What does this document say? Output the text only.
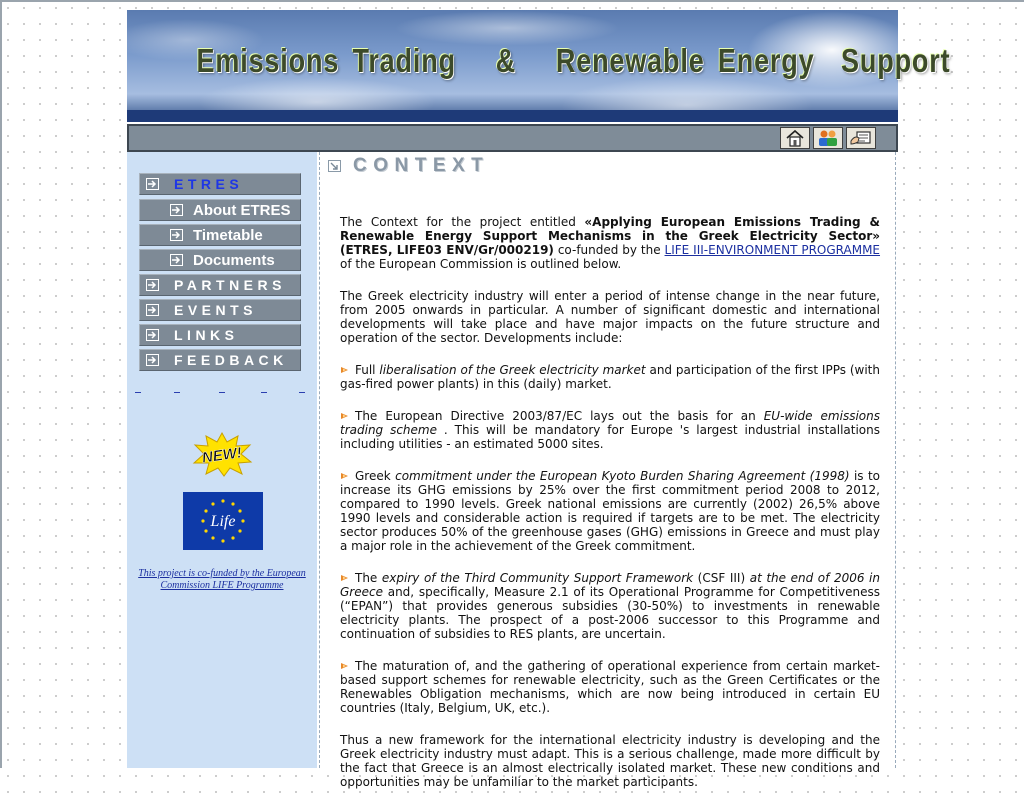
Emissions Trading   &   Renewable Energy  Support
ETRES
About ETRES
Timetable
Documents
PARTNERS
EVENTS
LINKS
FEEDBACK
NEW!
Life
This project is co-funded by the European Commission LIFE Programme
CONTEXT

The Context for the project entitled «Applying European Emissions Trading & Renewable Energy Support Mechanisms in the Greek Electricity Sector» (ETRES, LIFE03 ENV/Gr/000219) co-funded by the LIFE III-ENVIRONMENT PROGRAMME of the European Commission is outlined below.

The Greek electricity industry will enter a period of intense change in the near future, from 2005 onwards in particular. A number of significant domestic and international developments will take place and have major impacts on the future structure and operation of the sector. Developments include:

Full liberalisation of the Greek electricity market and participation of the first IPPs (with gas-fired power plants) in this (daily) market.

The European Directive 2003/87/EC lays out the basis for an EU-wide emissions trading scheme . This will be mandatory for Europe 's largest industrial installations including utilities - an estimated 5000 sites.

Greek commitment under the European Kyoto Burden Sharing Agreement (1998) is to increase its GHG emissions by 25% over the first commitment period 2008 to 2012, compared to 1990 levels. Greek national emissions are currently (2002) 26,5% above 1990 levels and considerable action is required if targets are to be met. The electricity sector produces 50% of the greenhouse gases (GHG) emissions in Greece and must play a major role in the achievement of the Greek commitment.

The expiry of the Third Community Support Framework (CSF III) at the end of 2006 in Greece and, specifically, Measure 2.1 of its Operational Programme for Competitiveness (“EPAN”) that provides generous subsidies (30-50%) to investments in renewable electricity plants. The prospect of a post-2006 successor to this Programme and continuation of subsidies to RES plants, are uncertain.

The maturation of, and the gathering of operational experience from certain market-based support schemes for renewable electricity, such as the Green Certificates or the Renewables Obligation mechanisms, which are now being introduced in certain EU countries (Italy, Belgium, UK, etc.).

Thus a new framework for the international electricity industry is developing and the Greek electricity industry must adapt. This is a serious challenge, made more difficult by the fact that Greece is an almost electrically isolated market. These new conditions and opportunities may be unfamiliar to the market participants.
